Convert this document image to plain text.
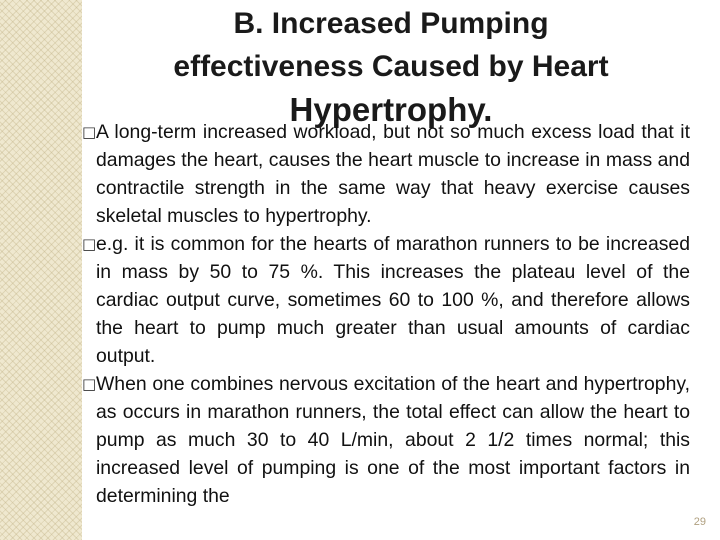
B. Increased Pumping
effectiveness Caused by Heart
Hypertrophy.

□ A long-term increased workload, but not so much excess load that it damages the heart, causes the heart muscle to increase in mass and contractile strength in the same way that heavy exercise causes skeletal muscles to hypertrophy.

□ e.g. it is common for the hearts of marathon runners to be increased in mass by 50 to 75 %. This increases the plateau level of the cardiac output curve, sometimes 60 to 100 %, and therefore allows the heart to pump much greater than usual amounts of cardiac output.

□ When one combines nervous excitation of the heart and hypertrophy, as occurs in marathon runners, the total effect can allow the heart to pump as much 30 to 40 L/min, about 2 1/2 times normal; this increased level of pumping is one of the most important factors in determining the

29
